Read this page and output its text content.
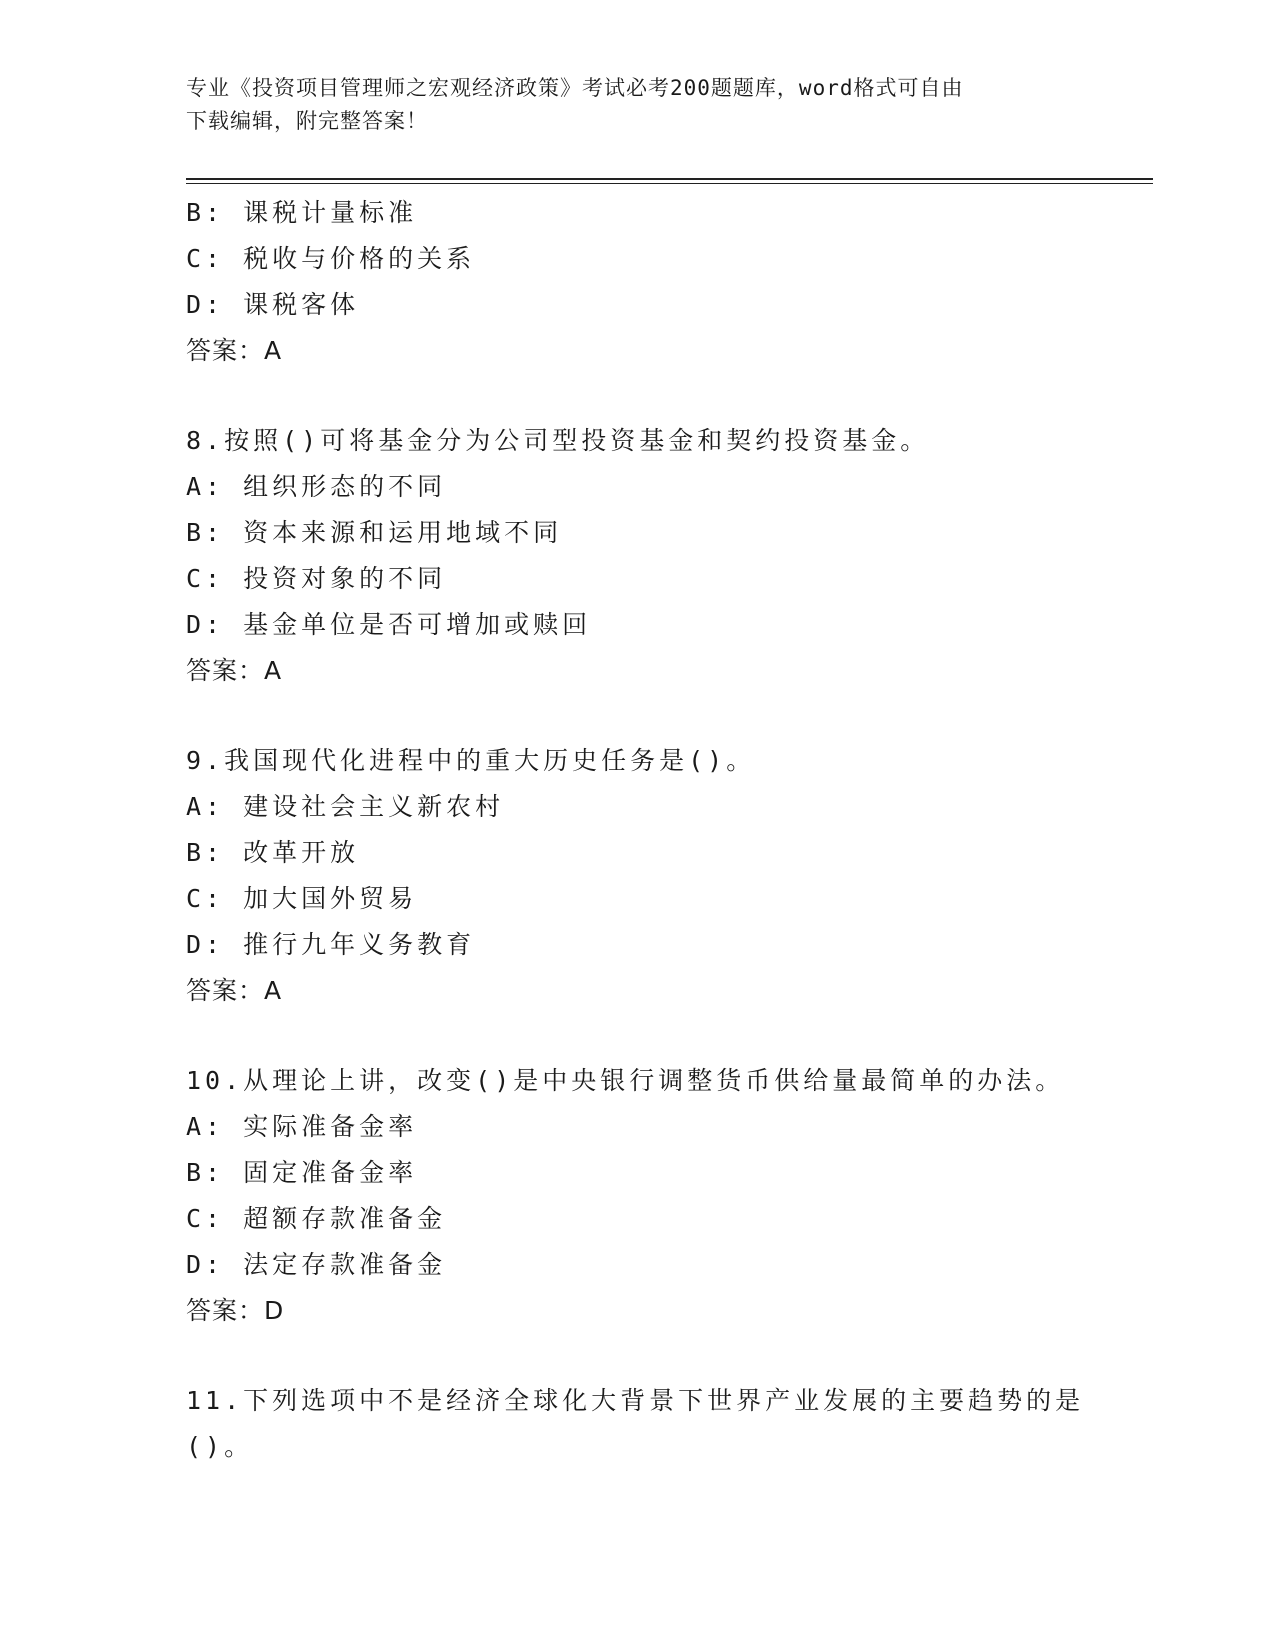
专业《投资项目管理师之宏观经济政策》考试必考200题题库，word格式可自由
下载编辑，附完整答案！
B: 课税计量标准
C: 税收与价格的关系
D: 课税客体
答案：A
8.按照()可将基金分为公司型投资基金和契约投资基金。
A: 组织形态的不同
B: 资本来源和运用地域不同
C: 投资对象的不同
D: 基金单位是否可增加或赎回
答案：A
9.我国现代化进程中的重大历史任务是()。
A: 建设社会主义新农村
B: 改革开放
C: 加大国外贸易
D: 推行九年义务教育
答案：A
10.从理论上讲，改变()是中央银行调整货币供给量最简单的办法。
A: 实际准备金率
B: 固定准备金率
C: 超额存款准备金
D: 法定存款准备金
答案：D
11.下列选项中不是经济全球化大背景下世界产业发展的主要趋势的是
()。
